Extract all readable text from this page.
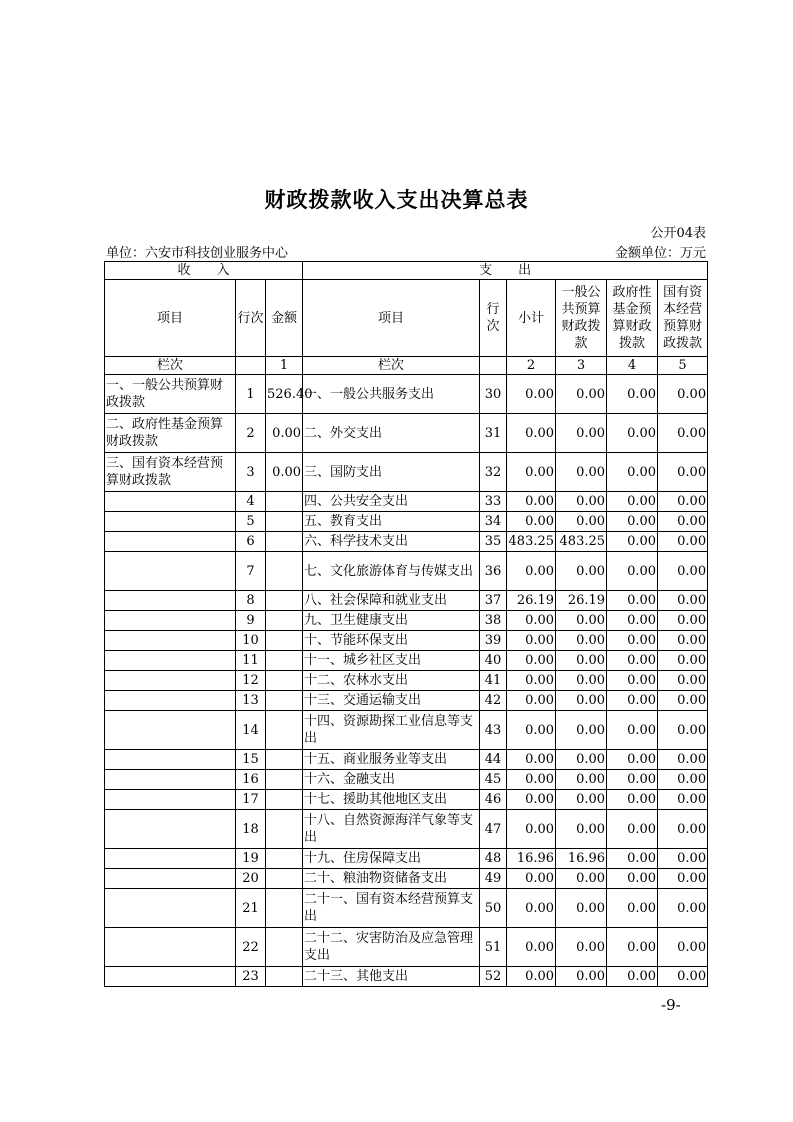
财政拨款收入支出决算总表
公开04表
单位：六安市科技创业服务中心	金额单位：万元
收　　入			支　　出					
项目	行次	金额	项目	行次	小计	一般公共预算财政拨款	政府性基金预算财政拨款	国有资本经营预算财政拨款
栏次		1	栏次		2	3	4	5
一、一般公共预算财政拨款	1	526.40	一、一般公共服务支出	30	0.00	0.00	0.00	0.00
二、政府性基金预算财政拨款	2	0.00	二、外交支出	31	0.00	0.00	0.00	0.00
三、国有资本经营预算财政拨款	3	0.00	三、国防支出	32	0.00	0.00	0.00	0.00
	4		四、公共安全支出	33	0.00	0.00	0.00	0.00
	5		五、教育支出	34	0.00	0.00	0.00	0.00
	6		六、科学技术支出	35	483.25	483.25	0.00	0.00
	7		七、文化旅游体育与传媒支出	36	0.00	0.00	0.00	0.00
	8		八、社会保障和就业支出	37	26.19	26.19	0.00	0.00
	9		九、卫生健康支出	38	0.00	0.00	0.00	0.00
	10		十、节能环保支出	39	0.00	0.00	0.00	0.00
	11		十一、城乡社区支出	40	0.00	0.00	0.00	0.00
	12		十二、农林水支出	41	0.00	0.00	0.00	0.00
	13		十三、交通运输支出	42	0.00	0.00	0.00	0.00
	14		十四、资源勘探工业信息等支出	43	0.00	0.00	0.00	0.00
	15		十五、商业服务业等支出	44	0.00	0.00	0.00	0.00
	16		十六、金融支出	45	0.00	0.00	0.00	0.00
	17		十七、援助其他地区支出	46	0.00	0.00	0.00	0.00
	18		十八、自然资源海洋气象等支出	47	0.00	0.00	0.00	0.00
	19		十九、住房保障支出	48	16.96	16.96	0.00	0.00
	20		二十、粮油物资储备支出	49	0.00	0.00	0.00	0.00
	21		二十一、国有资本经营预算支出	50	0.00	0.00	0.00	0.00
	22		二十二、灾害防治及应急管理支出	51	0.00	0.00	0.00	0.00
	23		二十三、其他支出	52	0.00	0.00	0.00	0.00
-9-
